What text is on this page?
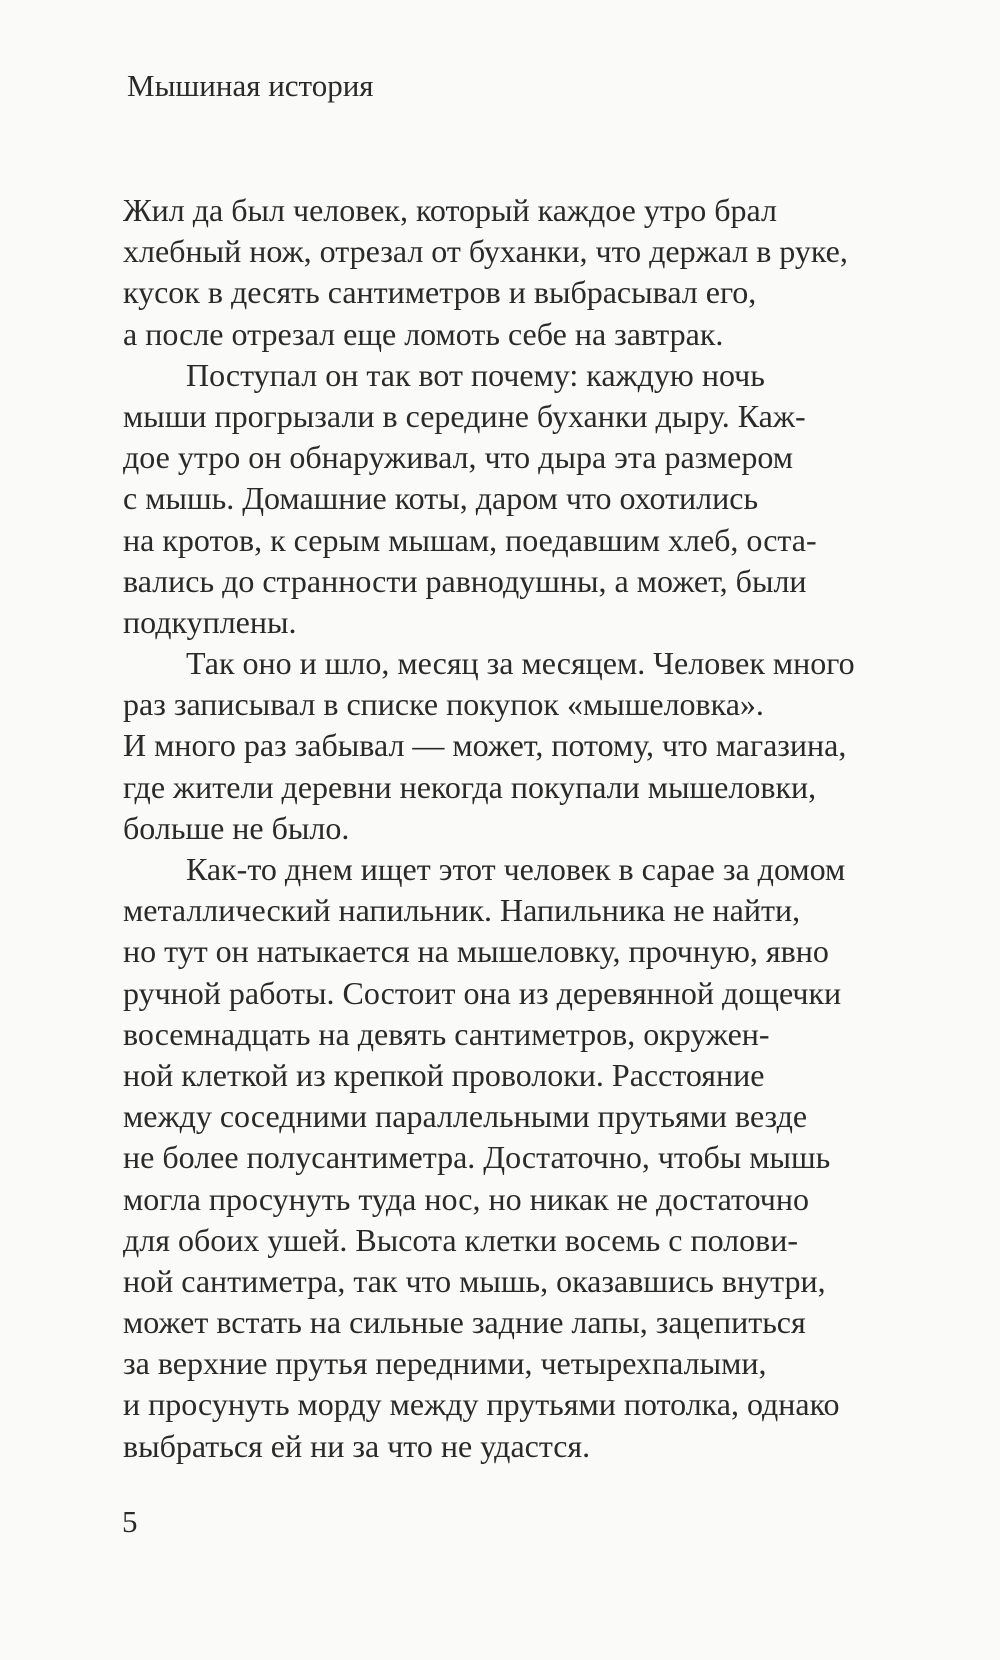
Мышиная история
Жил да был человек, который каждое утро брал
хлебный нож, отрезал от буханки, что держал в руке,
кусок в десять сантиметров и выбрасывал его,
а после отрезал еще ломоть себе на завтрак.
Поступал он так вот почему: каждую ночь
мыши прогрызали в середине буханки дыру. Каж-
дое утро он обнаруживал, что дыра эта размером
с мышь. Домашние коты, даром что охотились
на кротов, к серым мышам, поедавшим хлеб, оста-
вались до странности равнодушны, а может, были
подкуплены.
Так оно и шло, месяц за месяцем. Человек много
раз записывал в списке покупок «мышеловка».
И много раз забывал — может, потому, что магазина,
где жители деревни некогда покупали мышеловки,
больше не было.
Как-то днем ищет этот человек в сарае за домом
металлический напильник. Напильника не найти,
но тут он натыкается на мышеловку, прочную, явно
ручной работы. Состоит она из деревянной дощечки
восемнадцать на девять сантиметров, окружен-
ной клеткой из крепкой проволоки. Расстояние
между соседними параллельными прутьями везде
не более полусантиметра. Достаточно, чтобы мышь
могла просунуть туда нос, но никак не достаточно
для обоих ушей. Высота клетки восемь с полови-
ной сантиметра, так что мышь, оказавшись внутри,
может встать на сильные задние лапы, зацепиться
за верхние прутья передними, четырехпалыми,
и просунуть морду между прутьями потолка, однако
выбраться ей ни за что не удастся.
5
